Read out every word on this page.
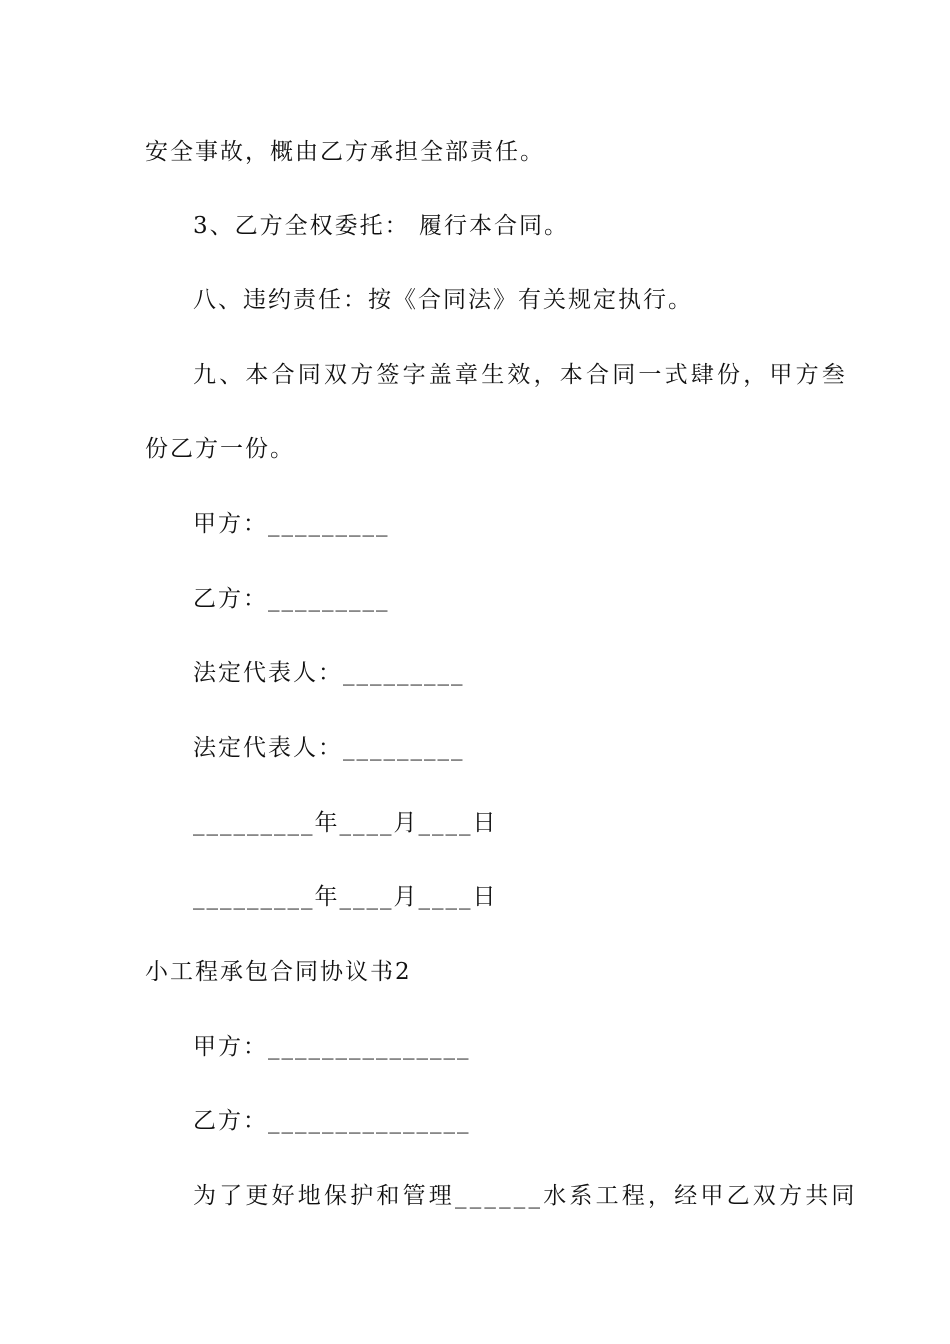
安全事故，概由乙方承担全部责任。
3、乙方全权委托： 履行本合同。
八、违约责任：按《合同法》有关规定执行。
九、本合同双方签字盖章生效，本合同一式肆份，甲方叁
份乙方一份。
甲方：_________
乙方：_________
法定代表人：_________
法定代表人：_________
_________年____月____日
_________年____月____日
小工程承包合同协议书2
甲方：_______________
乙方：_______________
为了更好地保护和管理______水系工程，经甲乙双方共同
